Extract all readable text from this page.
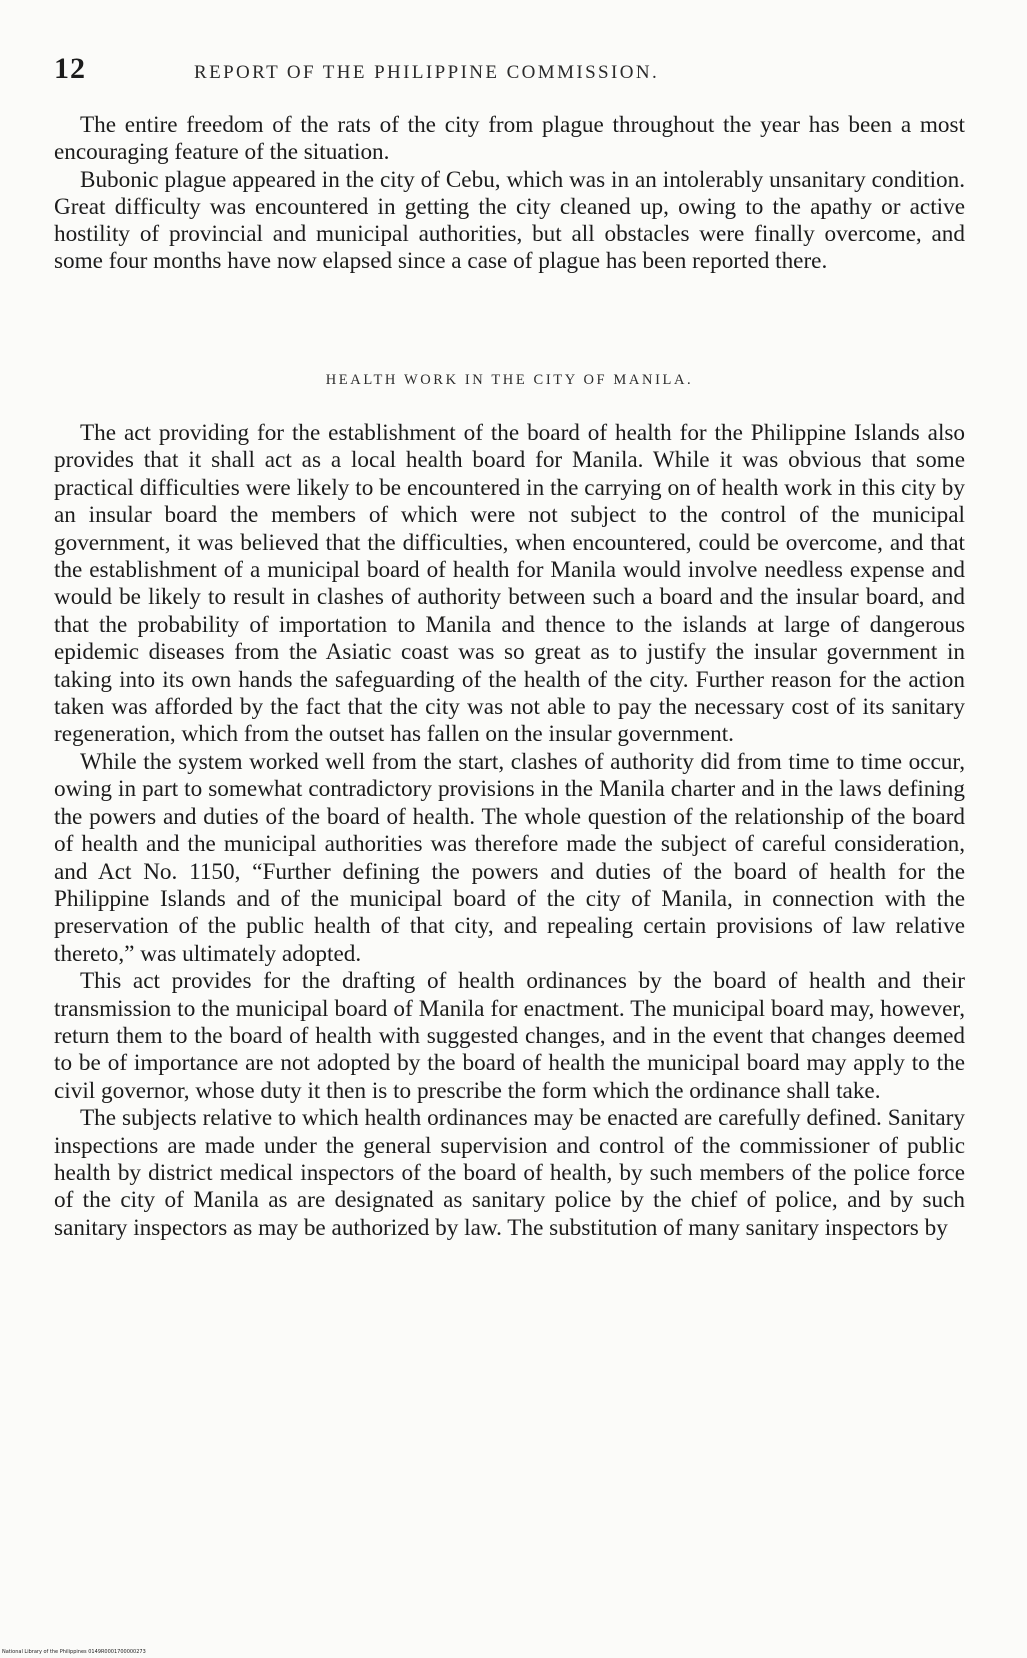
12	REPORT OF THE PHILIPPINE COMMISSION.

The entire freedom of the rats of the city from plague throughout the year has been a most encouraging feature of the situation.

Bubonic plague appeared in the city of Cebu, which was in an intolerably unsanitary condition. Great difficulty was encountered in getting the city cleaned up, owing to the apathy or active hostility of provincial and municipal authorities, but all obstacles were finally overcome, and some four months have now elapsed since a case of plague has been reported there.

HEALTH WORK IN THE CITY OF MANILA.

The act providing for the establishment of the board of health for the Philippine Islands also provides that it shall act as a local health board for Manila. While it was obvious that some practical difficulties were likely to be encountered in the carrying on of health work in this city by an insular board the members of which were not subject to the control of the municipal government, it was believed that the difficulties, when encountered, could be overcome, and that the establishment of a municipal board of health for Manila would involve needless expense and would be likely to result in clashes of authority between such a board and the insular board, and that the probability of importation to Manila and thence to the islands at large of dangerous epidemic diseases from the Asiatic coast was so great as to justify the insular government in taking into its own hands the safeguarding of the health of the city. Further reason for the action taken was afforded by the fact that the city was not able to pay the necessary cost of its sanitary regeneration, which from the outset has fallen on the insular government.

While the system worked well from the start, clashes of authority did from time to time occur, owing in part to somewhat contradictory provisions in the Manila charter and in the laws defining the powers and duties of the board of health. The whole question of the relationship of the board of health and the municipal authorities was therefore made the subject of careful consideration, and Act No. 1150, “Further defining the powers and duties of the board of health for the Philippine Islands and of the municipal board of the city of Manila, in connection with the preservation of the public health of that city, and repealing certain provisions of law relative thereto,” was ultimately adopted.

This act provides for the drafting of health ordinances by the board of health and their transmission to the municipal board of Manila for enactment. The municipal board may, however, return them to the board of health with suggested changes, and in the event that changes deemed to be of importance are not adopted by the board of health the municipal board may apply to the civil governor, whose duty it then is to prescribe the form which the ordinance shall take.

The subjects relative to which health ordinances may be enacted are carefully defined. Sanitary inspections are made under the general supervision and control of the commissioner of public health by district medical inspectors of the board of health, by such members of the police force of the city of Manila as are designated as sanitary police by the chief of police, and by such sanitary inspectors as may be authorized by law. The substitution of many sanitary inspectors by

National Library of the Philippines 0149R0001700000273
